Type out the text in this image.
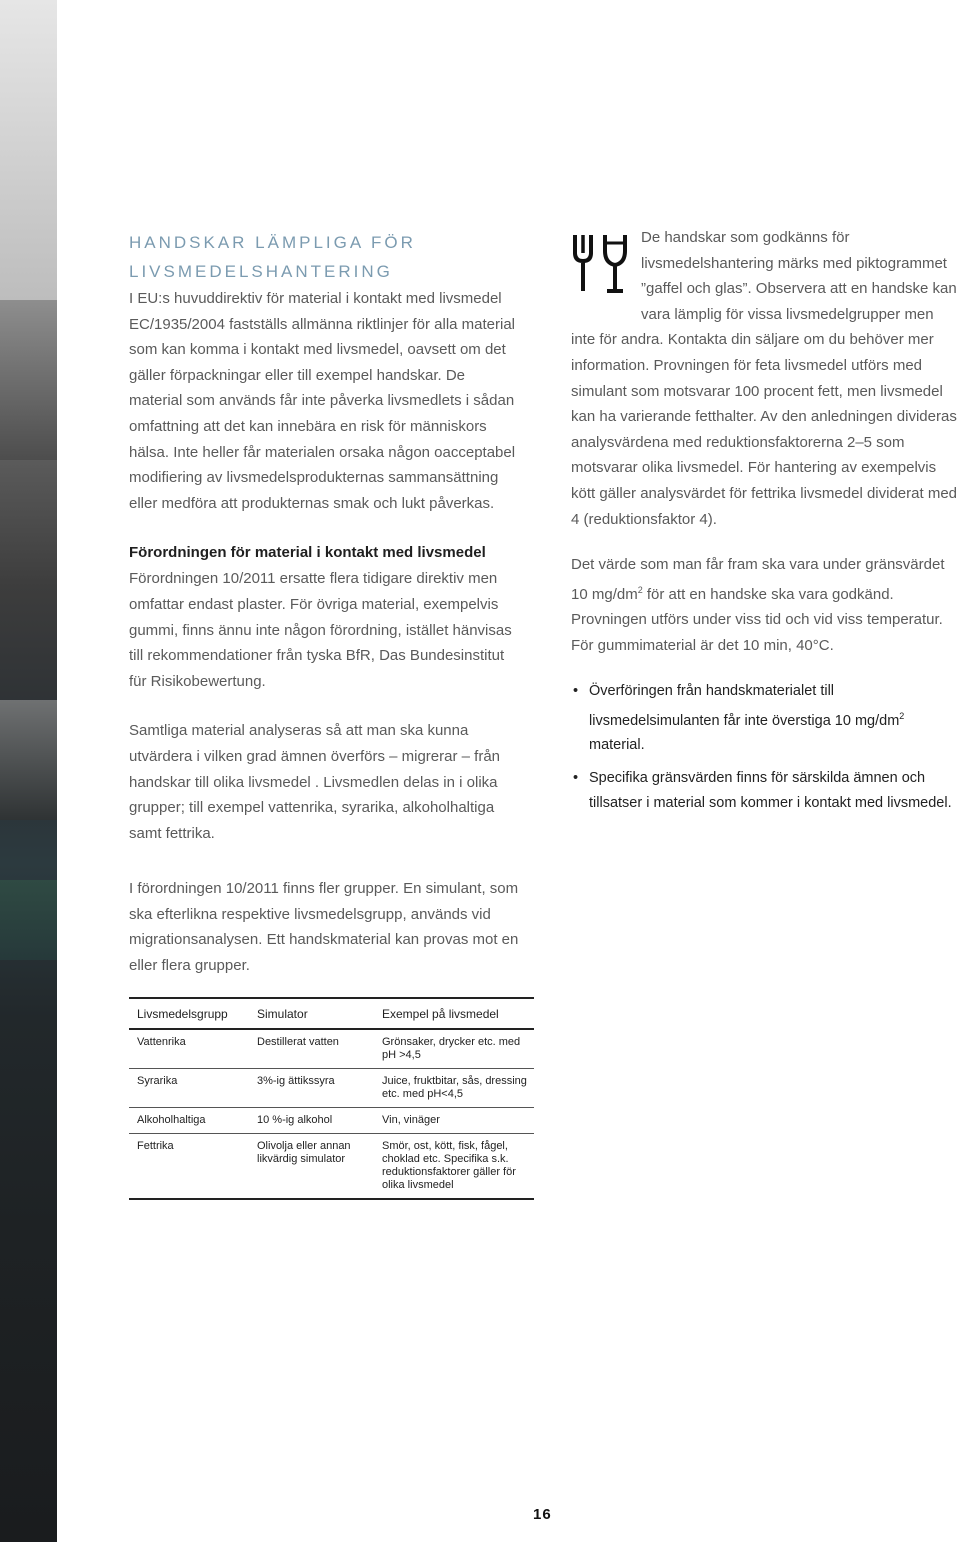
HANDSKAR LÄMPLIGA FÖR
LIVSMEDELSHANTERING

I EU:s huvuddirektiv för material i kontakt med livsmedel EC/1935/2004 fastställs allmänna riktlinjer för alla material som kan komma i kontakt med livsmedel, oavsett om det gäller förpackningar eller till exempel handskar. De material som används får inte påverka livsmedlets i sådan omfattning att det kan innebära en risk för människors hälsa. Inte heller får materialen orsaka någon oacceptabel modifiering av livsmedelsprodukternas sammansättning eller medföra att produkternas smak och lukt påverkas.

Förordningen för material i kontakt med livsmedel

Förordningen 10/2011 ersatte flera tidigare direktiv men omfattar endast plaster. För övriga material, exempelvis gummi, finns ännu inte någon förordning, istället hänvisas till rekommendationer från tyska BfR, Das Bundesinstitut für Risikobewertung.

Samtliga material analyseras så att man ska kunna utvärdera i vilken grad ämnen överförs – migrerar – från handskar till olika livsmedel . Livsmedlen delas in i olika grupper; till exempel vattenrika, syrarika, alkoholhaltiga samt fettrika.

I förordningen 10/2011 finns fler grupper. En simulant, som ska efterlikna respektive livsmedelsgrupp, används vid migrationsanalysen. Ett handskmaterial kan provas mot en eller flera grupper.

De handskar som godkänns för livsmedelshantering märks med piktogrammet ”gaffel och glas”. Observera att en handske kan vara lämplig för vissa livsmedelgrupper men inte för andra. Kontakta din säljare om du behöver mer information. Provningen för feta livsmedel utförs med simulant som motsvarar 100 procent fett, men livsmedel kan ha varierande fetthalter. Av den anledningen divideras analysvärdena med reduktionsfaktorerna 2–5 som motsvarar olika livsmedel. För hantering av exempelvis kött gäller analysvärdet för fettrika livsmedel dividerat med 4 (reduktionsfaktor 4).

Det värde som man får fram ska vara under gränsvärdet 10 $mg/dm^2$ för att en handske ska vara godkänd. Provningen utförs under viss tid och vid viss temperatur. För gummimaterial är det 10 min, 40°C.

• Överföringen från handskmaterialet till livsmedelsimulanten får inte överstiga 10 $mg/dm^2$ material.
• Specifika gränsvärden finns för särskilda ämnen och tillsatser i material som kommer i kontakt med livsmedel.
Livsmedelsgrupp	Simulator	Exempel på livsmedel
Vattenrika	Destillerat vatten	Grönsaker, drycker etc. med pH >4,5
Syrarika	3%-ig ättikssyra	Juice, fruktbitar, sås, dressing etc. med pH<4,5
Alkoholhaltiga	10 %-ig alkohol	Vin, vinäger
Fettrika	Olivolja eller annan likvärdig simulator	Smör, ost, kött, fisk, fågel, choklad etc. Specifika s.k. reduktionsfaktorer gäller för olika livsmedel
16
